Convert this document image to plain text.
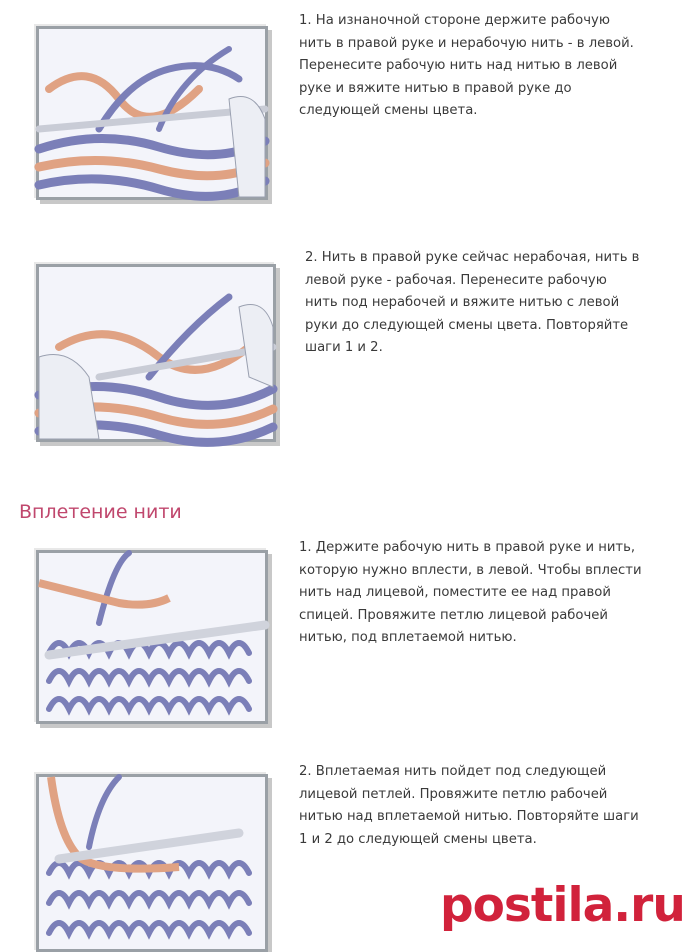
1. На изнаночной стороне держите рабочую нить в правой руке и нерабочую нить - в левой. Перенесите рабочую нить над нитью в левой руке и вяжите нитью в правой руке до следующей смены цвета.

2. Нить в правой руке сейчас нерабочая, нить в левой руке - рабочая. Перенесите рабочую нить под нерабочей и вяжите нитью с левой руки до следующей смены цвета. Повторяйте шаги 1 и 2.

Вплетение нити

1. Держите рабочую нить в правой руке и нить, которую нужно вплести, в левой. Чтобы вплести нить над лицевой, поместите ее над правой спицей. Провяжите петлю лицевой рабочей нитью, под вплетаемой нитью.

2. Вплетаемая нить пойдет под следующей лицевой петлей. Провяжите петлю рабочей нитью над вплетаемой нитью. Повторяйте шаги 1 и 2 до следующей смены цвета.

postila.ru
